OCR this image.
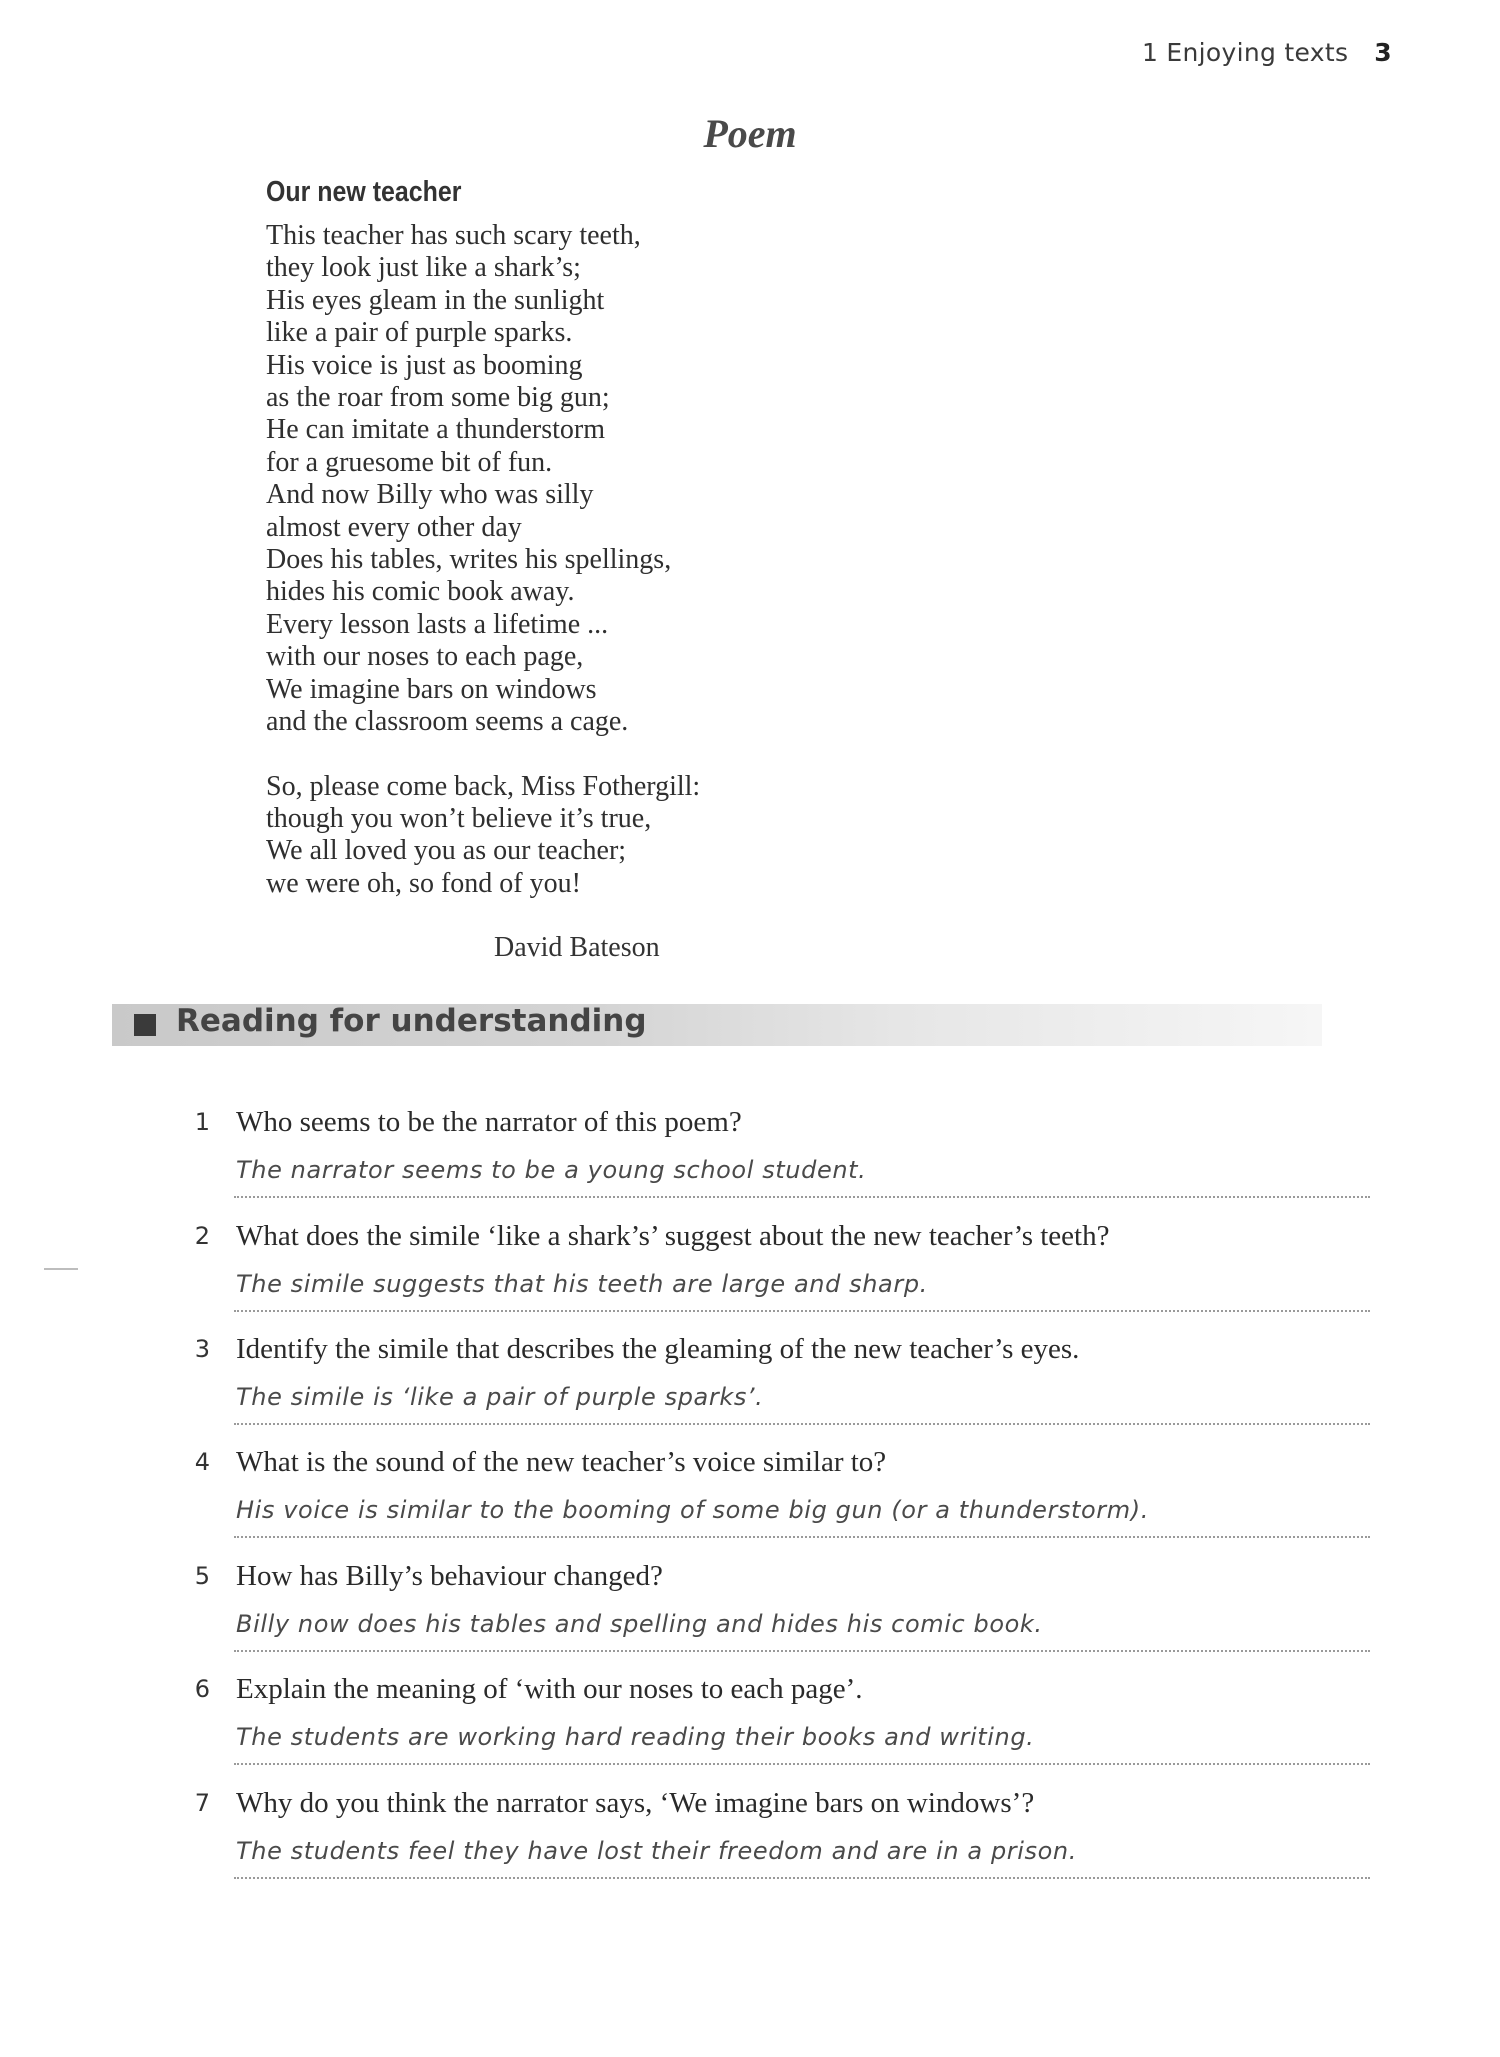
1 Enjoying texts 3
Poem
Our new teacher
This teacher has such scary teeth,
they look just like a shark’s;
His eyes gleam in the sunlight
like a pair of purple sparks.
His voice is just as booming
as the roar from some big gun;
He can imitate a thunderstorm
for a gruesome bit of fun.
And now Billy who was silly
almost every other day
Does his tables, writes his spellings,
hides his comic book away.
Every lesson lasts a lifetime ...
with our noses to each page,
We imagine bars on windows
and the classroom seems a cage.
So, please come back, Miss Fothergill:
though you won’t believe it’s true,
We all loved you as our teacher;
we were oh, so fond of you!
David Bateson
Reading for understanding
1 Who seems to be the narrator of this poem?
The narrator seems to be a young school student.
2 What does the simile ‘like a shark’s’ suggest about the new teacher’s teeth?
The simile suggests that his teeth are large and sharp.
3 Identify the simile that describes the gleaming of the new teacher’s eyes.
The simile is ‘like a pair of purple sparks’.
4 What is the sound of the new teacher’s voice similar to?
His voice is similar to the booming of some big gun (or a thunderstorm).
5 How has Billy’s behaviour changed?
Billy now does his tables and spelling and hides his comic book.
6 Explain the meaning of ‘with our noses to each page’.
The students are working hard reading their books and writing.
7 Why do you think the narrator says, ‘We imagine bars on windows’?
The students feel they have lost their freedom and are in a prison.
